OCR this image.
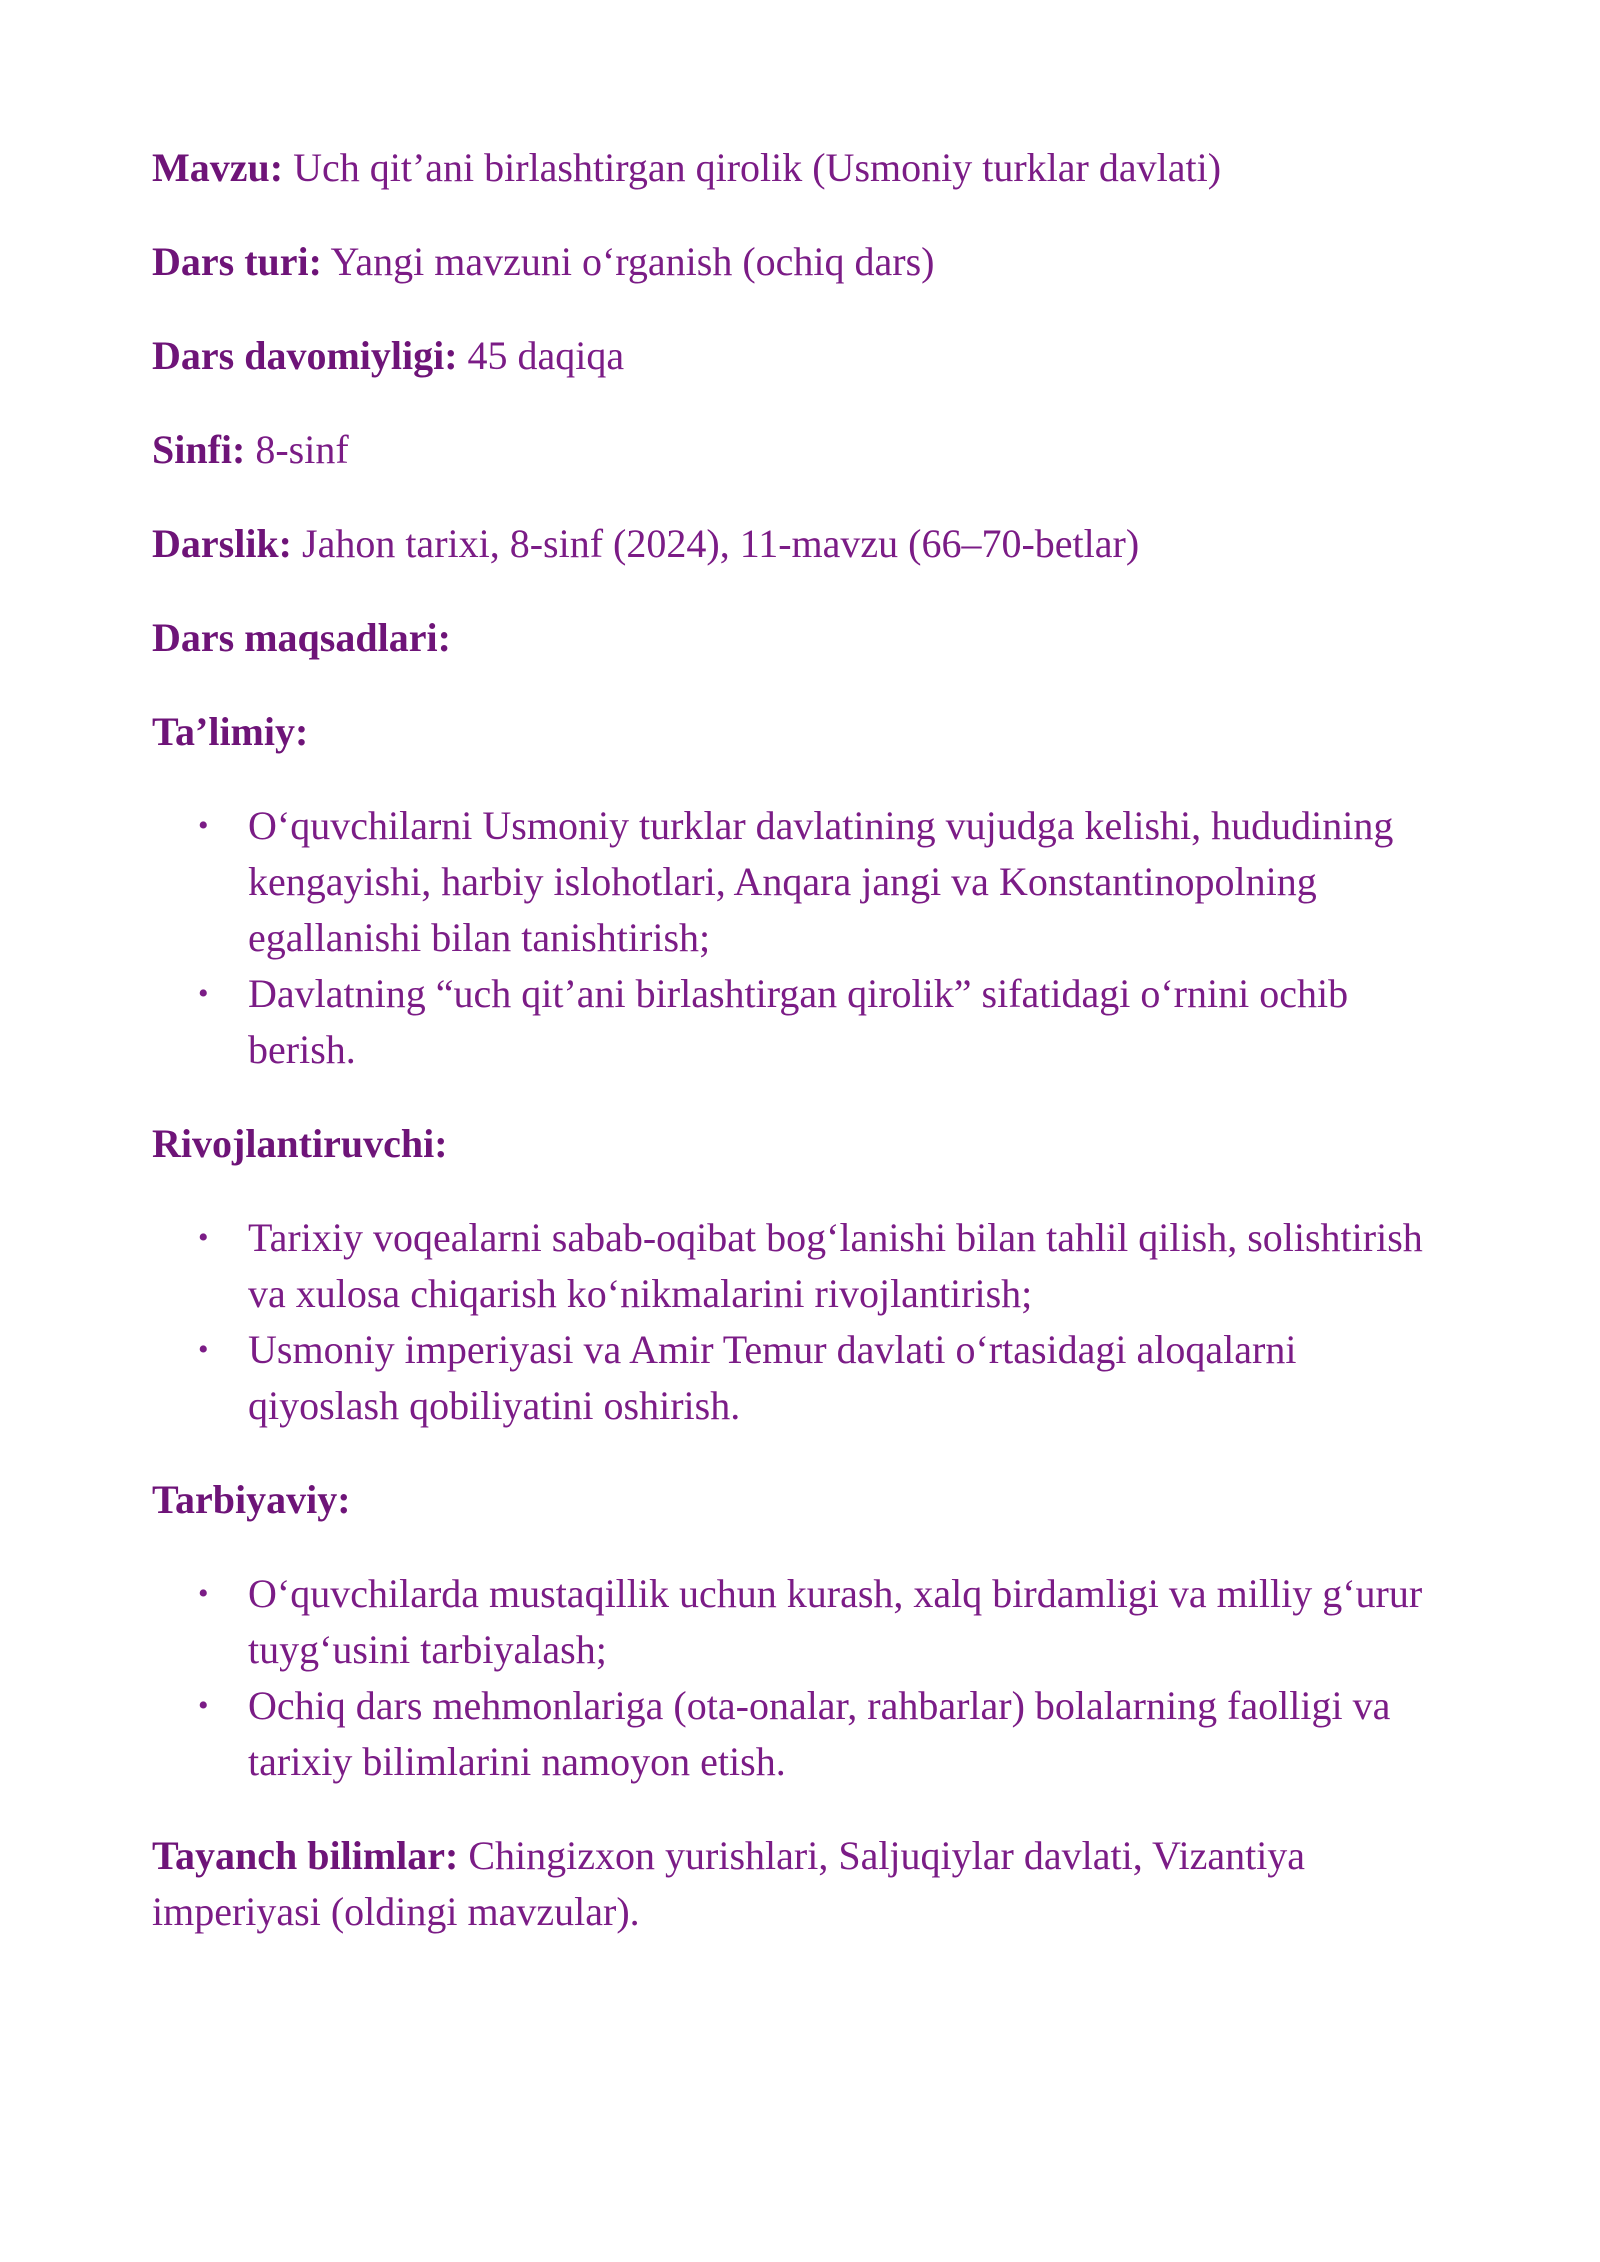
Mavzu: Uch qit’ani birlashtirgan qirolik (Usmoniy turklar davlati)

Dars turi: Yangi mavzuni o‘rganish (ochiq dars)

Dars davomiyligi: 45 daqiqa

Sinfi: 8-sinf

Darslik: Jahon tarixi, 8-sinf (2024), 11-mavzu (66–70-betlar)

Dars maqsadlari:

Ta’limiy:

• O‘quvchilarni Usmoniy turklar davlatining vujudga kelishi, hududining kengayishi, harbiy islohotlari, Anqara jangi va Konstantinopolning egallanishi bilan tanishtirish;
• Davlatning “uch qit’ani birlashtirgan qirolik” sifatidagi o‘rnini ochib berish.

Rivojlantiruvchi:

• Tarixiy voqealarni sabab-oqibat bog‘lanishi bilan tahlil qilish, solishtirish va xulosa chiqarish ko‘nikmalarini rivojlantirish;
• Usmoniy imperiyasi va Amir Temur davlati o‘rtasidagi aloqalarni qiyoslash qobiliyatini oshirish.

Tarbiyaviy:

• O‘quvchilarda mustaqillik uchun kurash, xalq birdamligi va milliy g‘urur tuyg‘usini tarbiyalash;
• Ochiq dars mehmonlariga (ota-onalar, rahbarlar) bolalarning faolligi va tarixiy bilimlarini namoyon etish.

Tayanch bilimlar: Chingizxon yurishlari, Saljuqiylar davlati, Vizantiya imperiyasi (oldingi mavzular).
